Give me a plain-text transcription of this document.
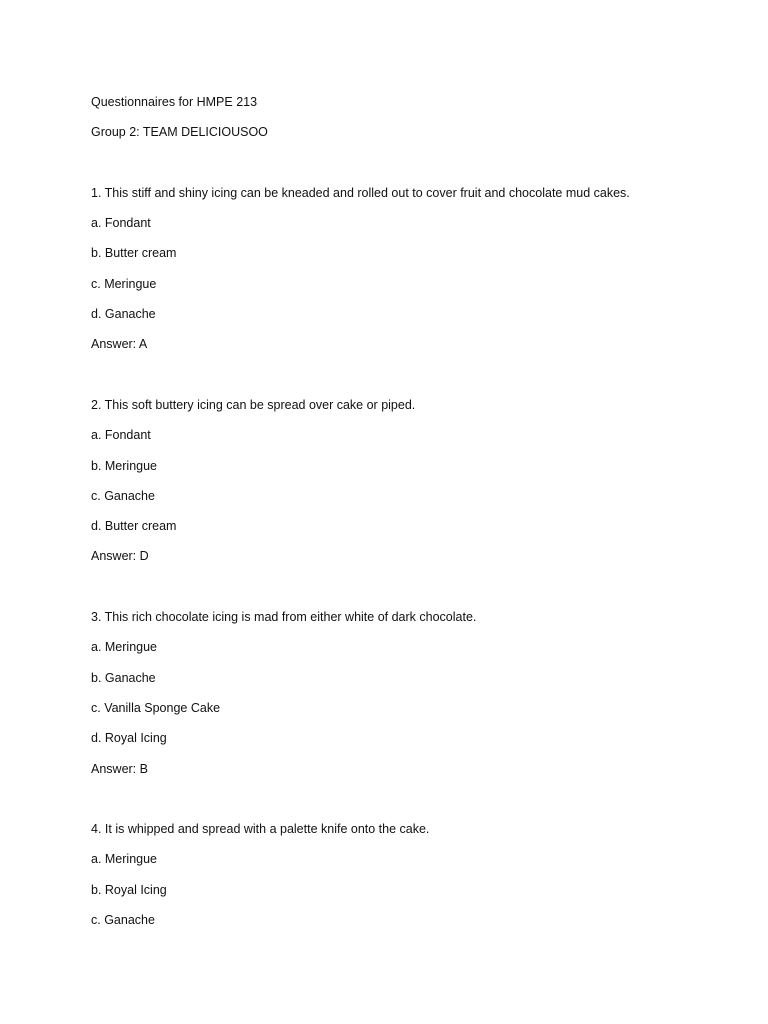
Questionnaires for HMPE 213
Group 2: TEAM DELICIOUSOO
1. This stiff and shiny icing can be kneaded and rolled out to cover fruit and chocolate mud cakes.
a. Fondant
b. Butter cream
c. Meringue
d. Ganache
Answer: A
2. This soft buttery icing can be spread over cake or piped.
a. Fondant
b. Meringue
c. Ganache
d. Butter cream
Answer: D
3. This rich chocolate icing is mad from either white of dark chocolate.
a. Meringue
b. Ganache
c. Vanilla Sponge Cake
d. Royal Icing
Answer: B
4. It is whipped and spread with a palette knife onto the cake.
a. Meringue
b. Royal Icing
c. Ganache
